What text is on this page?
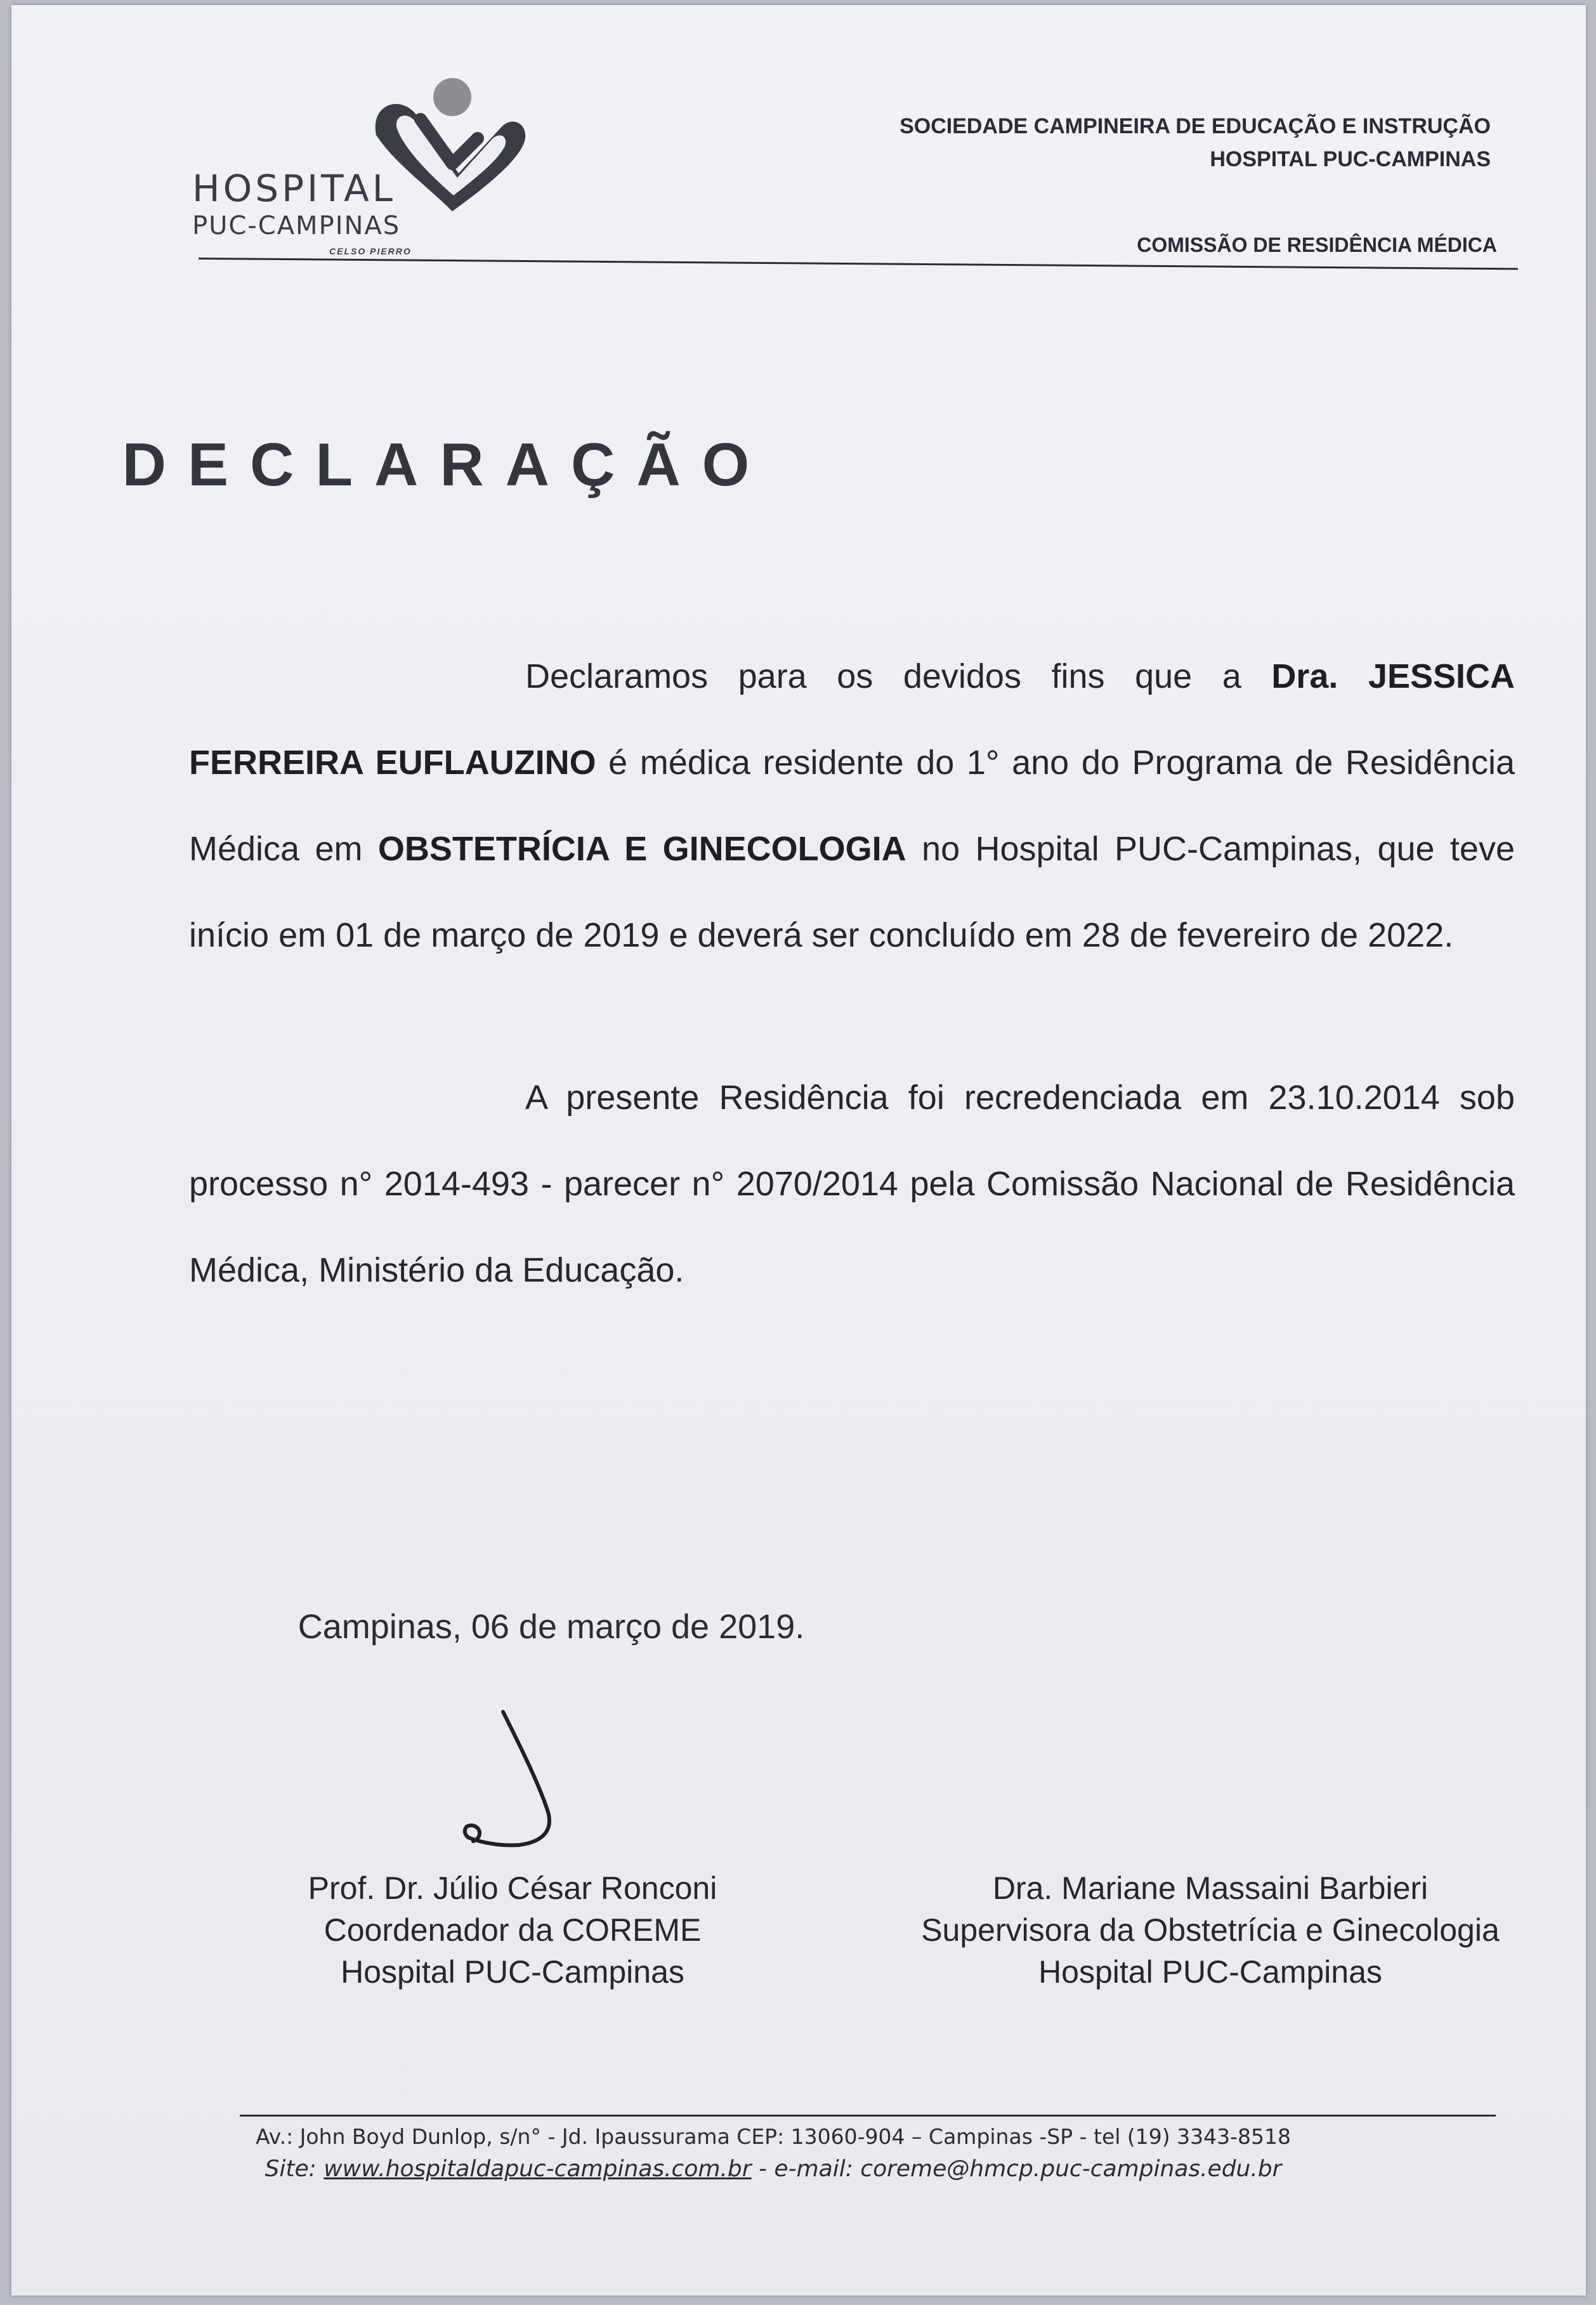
HOSPITAL
PUC-CAMPINAS
CELSO PIERRO
SOCIEDADE CAMPINEIRA DE EDUCAÇÃO E INSTRUÇÃO
HOSPITAL PUC-CAMPINAS
COMISSÃO DE RESIDÊNCIA MÉDICA
DECLARAÇÃO

Declaramos para os devidos fins que a Dra. JESSICA FERREIRA EUFLAUZINO é médica residente do 1° ano do Programa de Residência Médica em OBSTETRÍCIA E GINECOLOGIA no Hospital PUC-Campinas, que teve início em 01 de março de 2019 e deverá ser concluído em 28 de fevereiro de 2022.

A presente Residência foi recredenciada em 23.10.2014 sob processo n° 2014-493 - parecer n° 2070/2014 pela Comissão Nacional de Residência Médica, Ministério da Educação.

Campinas, 06 de março de 2019.
Prof. Dr. Júlio César Ronconi
Coordenador da COREME
Hospital PUC-Campinas
Dra. Mariane Massaini Barbieri
Supervisora da Obstetrícia e Ginecologia
Hospital PUC-Campinas
Av.: John Boyd Dunlop, s/n° - Jd. Ipaussurama CEP: 13060-904 – Campinas -SP - tel (19) 3343-8518
Site: www.hospitaldapuc-campinas.com.br - e-mail: coreme@hmcp.puc-campinas.edu.br
